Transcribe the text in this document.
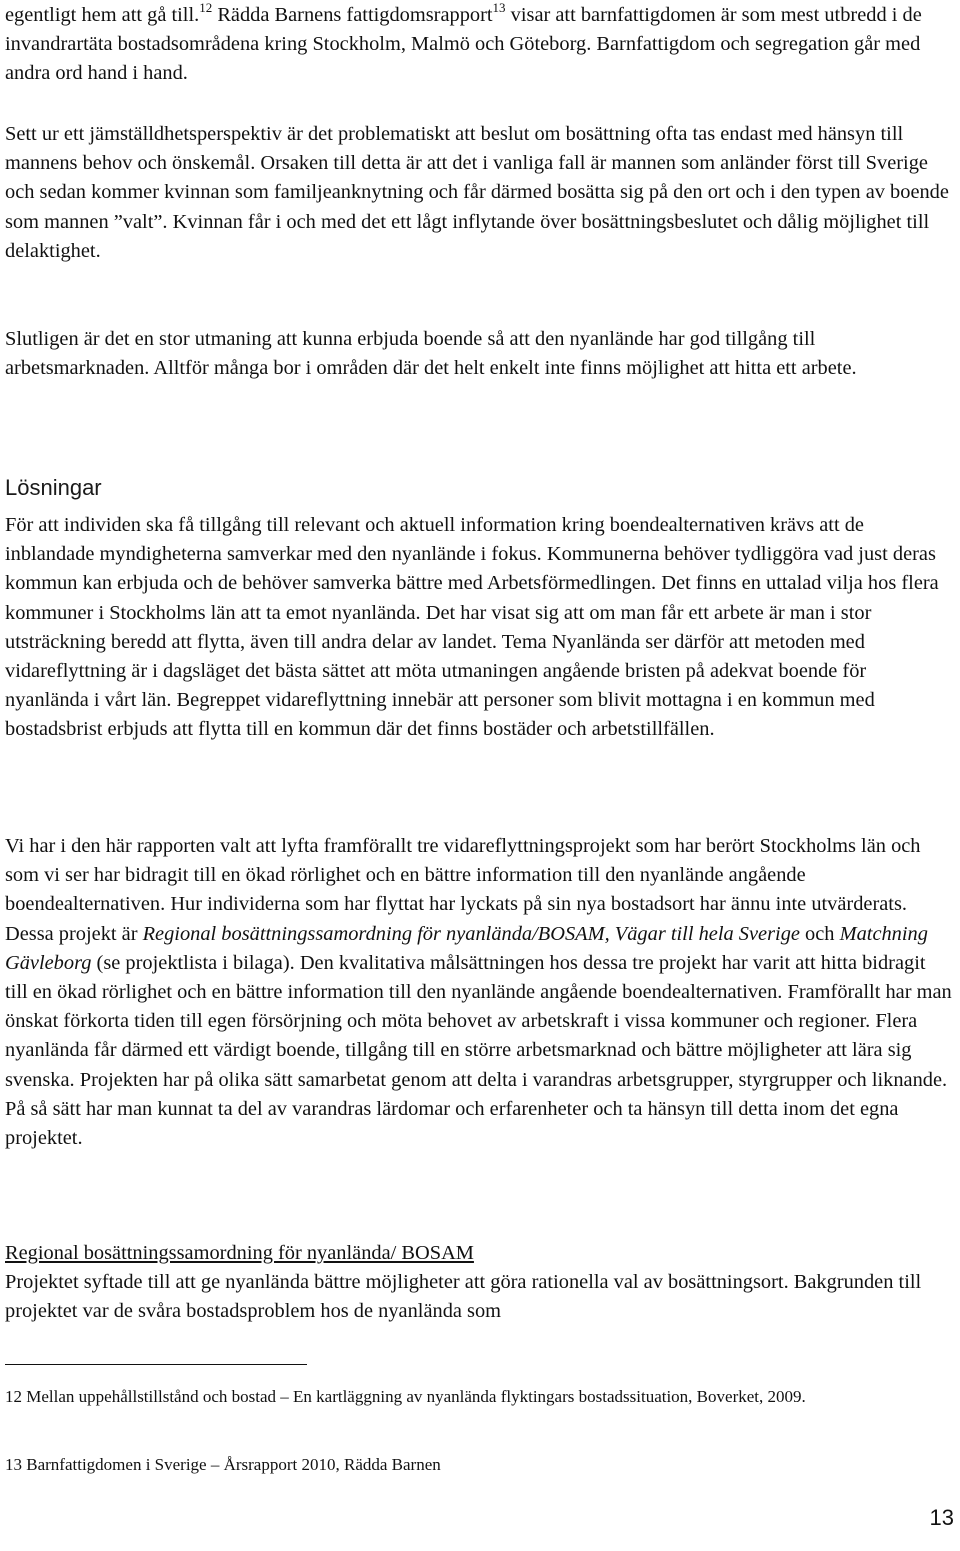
egentligt hem att gå till.$^{12}$ Rädda Barnens fattigdomsrapport$^{13}$ visar att barnfattigdomen är som mest utbredd i de invandrartäta bostadsområdena kring Stockholm, Malmö och Göteborg. Barnfattigdom och segregation går med andra ord hand i hand.

Sett ur ett jämställdhetsperspektiv är det problematiskt att beslut om bosättning ofta tas endast med hänsyn till mannens behov och önskemål. Orsaken till detta är att det i vanliga fall är mannen som anländer först till Sverige och sedan kommer kvinnan som familjeanknytning och får därmed bosätta sig på den ort och i den typen av boende som mannen ”valt”. Kvinnan får i och med det ett lågt inflytande över bosättningsbeslutet och dålig möjlighet till delaktighet.

Slutligen är det en stor utmaning att kunna erbjuda boende så att den nyanlände har god tillgång till arbetsmarknaden. Alltför många bor i områden där det helt enkelt inte finns möjlighet att hitta ett arbete.

Lösningar

För att individen ska få tillgång till relevant och aktuell information kring boendealternativen krävs att de inblandade myndigheterna samverkar med den nyanlände i fokus. Kommunerna behöver tydliggöra vad just deras kommun kan erbjuda och de behöver samverka bättre med Arbetsförmedlingen. Det finns en uttalad vilja hos flera kommuner i Stockholms län att ta emot nyanlända. Det har visat sig att om man får ett arbete är man i stor utsträckning beredd att flytta, även till andra delar av landet. Tema Nyanlända ser därför att metoden med vidareflyttning är i dagsläget det bästa sättet att möta utmaningen angående bristen på adekvat boende för nyanlända i vårt län. Begreppet vidareflyttning innebär att personer som blivit mottagna i en kommun med bostadsbrist erbjuds att flytta till en kommun där det finns bostäder och arbetstillfällen.

Vi har i den här rapporten valt att lyfta framförallt tre vidareflyttningsprojekt som har berört Stockholms län och som vi ser har bidragit till en ökad rörlighet och en bättre information till den nyanlände angående boendealternativen. Hur individerna som har flyttat har lyckats på sin nya bostadsort har ännu inte utvärderats. Dessa projekt är Regional bosättningssamordning för nyanlända/BOSAM, Vägar till hela Sverige och Matchning Gävleborg (se projektlista i bilaga). Den kvalitativa målsättningen hos dessa tre projekt har varit att hitta bidragit till en ökad rörlighet och en bättre information till den nyanlände angående boendealternativen. Framförallt har man önskat förkorta tiden till egen försörjning och möta behovet av arbetskraft i vissa kommuner och regioner. Flera nyanlända får därmed ett värdigt boende, tillgång till en större arbetsmarknad och bättre möjligheter att lära sig svenska. Projekten har på olika sätt samarbetat genom att delta i varandras arbetsgrupper, styrgrupper och liknande. På så sätt har man kunnat ta del av varandras lärdomar och erfarenheter och ta hänsyn till detta inom det egna projektet.

Regional bosättningssamordning för nyanlända/ BOSAM
Projektet syftade till att ge nyanlända bättre möjligheter att göra rationella val av bosättningsort. Bakgrunden till projektet var de svåra bostadsproblem hos de nyanlända som

12 Mellan uppehållstillstånd och bostad – En kartläggning av nyanlända flyktingars bostadssituation, Boverket, 2009.

13 Barnfattigdomen i Sverige – Årsrapport 2010, Rädda Barnen

13
